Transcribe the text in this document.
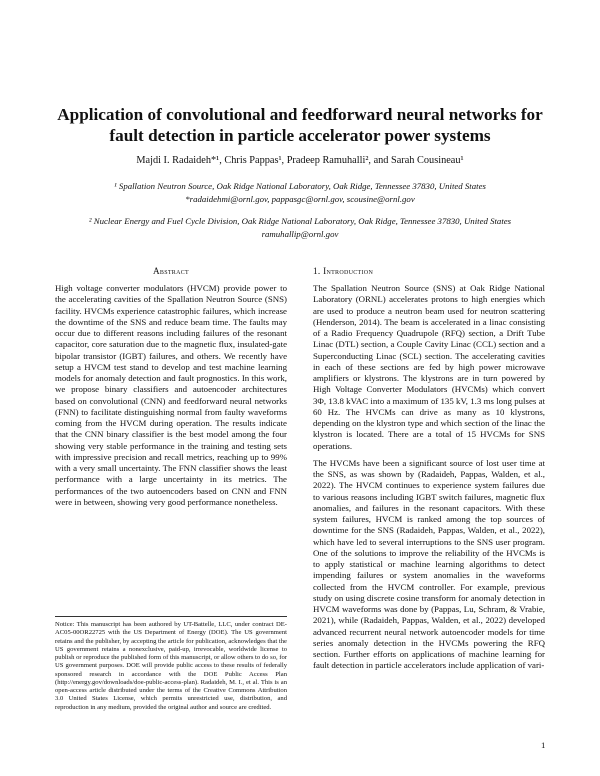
Application of convolutional and feedforward neural networks for fault detection in particle accelerator power systems
Majdi I. Radaideh*¹, Chris Pappas¹, Pradeep Ramuhalli², and Sarah Cousineau¹
¹ Spallation Neutron Source, Oak Ridge National Laboratory, Oak Ridge, Tennessee 37830, United States
*radaidehmi@ornl.gov, pappasgc@ornl.gov, scousine@ornl.gov
² Nuclear Energy and Fuel Cycle Division, Oak Ridge National Laboratory, Oak Ridge, Tennessee 37830, United States
ramuhallip@ornl.gov
Abstract

High voltage converter modulators (HVCM) provide power to the accelerating cavities of the Spallation Neutron Source (SNS) facility. HVCMs experience catastrophic failures, which increase the downtime of the SNS and reduce beam time. The faults may occur due to different reasons including failures of the resonant capacitor, core saturation due to the magnetic flux, insulated-gate bipolar transistor (IGBT) failures, and others. We recently have setup a HVCM test stand to develop and test machine learning models for anomaly detection and fault prognostics. In this work, we propose binary classifiers and autoencoder architectures based on convolutional (CNN) and feedforward neural networks (FNN) to facilitate distinguishing normal from faulty waveforms coming from the HVCM during operation. The results indicate that the CNN binary classifier is the best model among the four showing very stable performance in the training and testing sets with impressive precision and recall metrics, reaching up to 99% with a very small uncertainty. The FNN classifier shows the least performance with a large uncertainty in its metrics. The performances of the two autoencoders based on CNN and FNN were in between, showing very good performance nonetheless.

Notice: This manuscript has been authored by UT-Battelle, LLC, under contract DE-AC05-00OR22725 with the US Department of Energy (DOE). The US government retains and the publisher, by accepting the article for publication, acknowledges that the US government retains a nonexclusive, paid-up, irrevocable, worldwide license to publish or reproduce the published form of this manuscript, or allow others to do so, for US government purposes. DOE will provide public access to these results of federally sponsored research in accordance with the DOE Public Access Plan (http://energy.gov/downloads/doe-public-access-plan). Radaideh, M. I., et al. This is an open-access article distributed under the terms of the Creative Commons Attribution 3.0 United States License, which permits unrestricted use, distribution, and reproduction in any medium, provided the original author and source are credited.
1. Introduction

The Spallation Neutron Source (SNS) at Oak Ridge National Laboratory (ORNL) accelerates protons to high energies which are used to produce a neutron beam used for neutron scattering (Henderson, 2014). The beam is accelerated in a linac consisting of a Radio Frequency Quadrupole (RFQ) section, a Drift Tube Linac (DTL) section, a Couple Cavity Linac (CCL) section and a Superconducting Linac (SCL) section. The accelerating cavities in each of these sections are fed by high power microwave amplifiers or klystrons. The klystrons are in turn powered by High Voltage Converter Modulators (HVCMs) which convert 3Φ, 13.8 kVAC into a maximum of 135 kV, 1.3 ms long pulses at 60 Hz. The HVCMs can drive as many as 10 klystrons, depending on the klystron type and which section of the linac the klystron is located. There are a total of 15 HVCMs for SNS operations.

The HVCMs have been a significant source of lost user time at the SNS, as was shown by (Radaideh, Pappas, Walden, et al., 2022). The HVCM continues to experience system failures due to various reasons including IGBT switch failures, magnetic flux anomalies, and failures in the resonant capacitors. With these system failures, HVCM is ranked among the top sources of downtime for the SNS (Radaideh, Pappas, Walden, et al., 2022), which have led to several interruptions to the SNS user program. One of the solutions to improve the reliability of the HVCMs is to apply statistical or machine learning algorithms to detect impending failures or system anomalies in the waveforms collected from the HVCM controller. For example, previous study on using discrete cosine transform for anomaly detection in HVCM waveforms was done by (Pappas, Lu, Schram, & Vrabie, 2021), while (Radaideh, Pappas, Walden, et al., 2022) developed advanced recurrent neural network autoencoder models for time series anomaly detection in the HVCMs powering the RFQ section. Further efforts on applications of machine learning for fault detection in particle accelerators include application of vari-

1
